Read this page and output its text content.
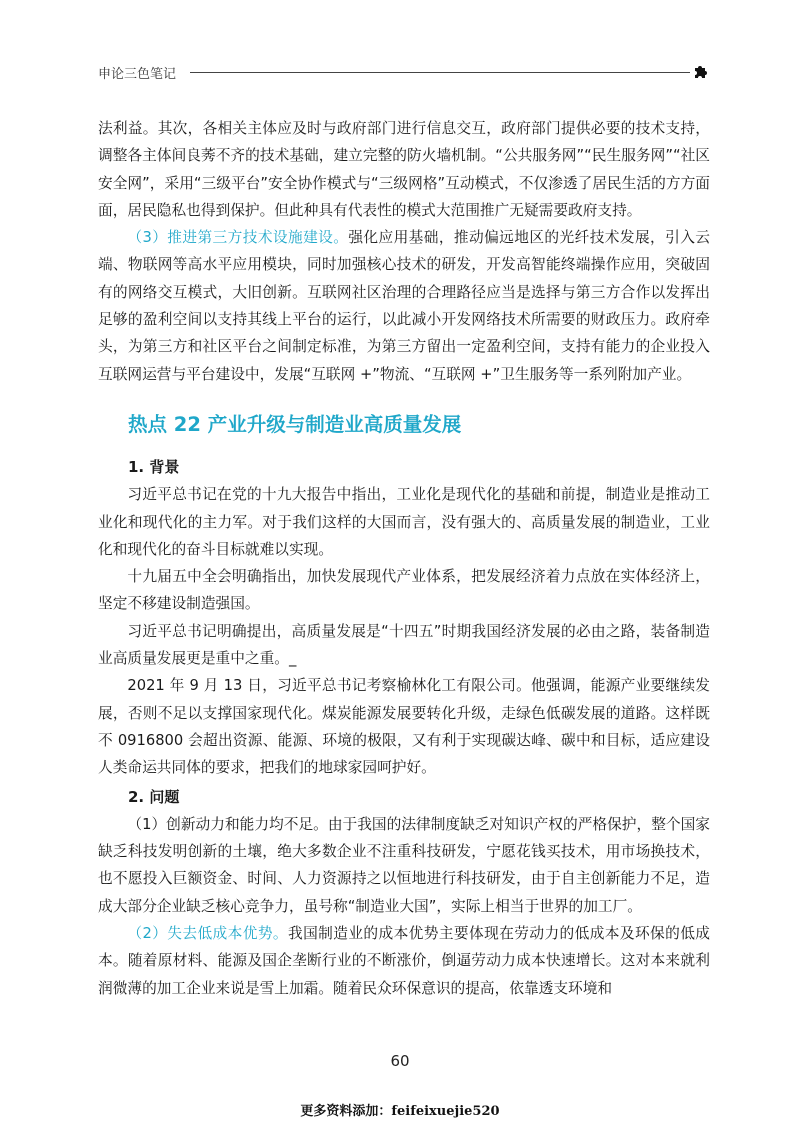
申论三色笔记

法利益。其次，各相关主体应及时与政府部门进行信息交互，政府部门提供必要的技术支持，调整各主体间良莠不齐的技术基础，建立完整的防火墙机制。“公共服务网”“民生服务网”“社区安全网”，采用“三级平台”安全协作模式与“三级网格”互动模式，不仅渗透了居民生活的方方面面，居民隐私也得到保护。但此种具有代表性的模式大范围推广无疑需要政府支持。

（3）推进第三方技术设施建设。强化应用基础，推动偏远地区的光纤技术发展，引入云端、物联网等高水平应用模块，同时加强核心技术的研发，开发高智能终端操作应用，突破固有的网络交互模式，大旧创新。互联网社区治理的合理路径应当是选择与第三方合作以发挥出足够的盈利空间以支持其线上平台的运行，以此减小开发网络技术所需要的财政压力。政府牵头，为第三方和社区平台之间制定标准，为第三方留出一定盈利空间，支持有能力的企业投入互联网运营与平台建设中，发展“互联网 +”物流、“互联网 +”卫生服务等一系列附加产业。

热点 22 产业升级与制造业高质量发展
1. 背景

习近平总书记在党的十九大报告中指出，工业化是现代化的基础和前提，制造业是推动工业化和现代化的主力军。对于我们这样的大国而言，没有强大的、高质量发展的制造业，工业化和现代化的奋斗目标就难以实现。

十九届五中全会明确指出，加快发展现代产业体系，把发展经济着力点放在实体经济上，坚定不移建设制造强国。

习近平总书记明确提出，高质量发展是“十四五”时期我国经济发展的必由之路，装备制造业高质量发展更是重中之重。_

2021 年 9 月 13 日，习近平总书记考察榆林化工有限公司。他强调，能源产业要继续发展，否则不足以支撑国家现代化。煤炭能源发展要转化升级，走绿色低碳发展的道路。这样既不 0916800 会超出资源、能源、环境的极限，又有利于实现碳达峰、碳中和目标，适应建设人类命运共同体的要求，把我们的地球家园呵护好。

2. 问题

（1）创新动力和能力均不足。由于我国的法律制度缺乏对知识产权的严格保护，整个国家缺乏科技发明创新的土壤，绝大多数企业不注重科技研发，宁愿花钱买技术，用市场换技术，也不愿投入巨额资金、时间、人力资源持之以恒地进行科技研发，由于自主创新能力不足，造成大部分企业缺乏核心竞争力，虽号称“制造业大国”，实际上相当于世界的加工厂。

（2）失去低成本优势。我国制造业的成本优势主要体现在劳动力的低成本及环保的低成本。随着原材料、能源及国企垄断行业的不断涨价，倒逼劳动力成本快速增长。这对本来就利润微薄的加工企业来说是雪上加霜。随着民众环保意识的提高，依靠透支环境和

60
更多资料添加：feifeixuejie520
